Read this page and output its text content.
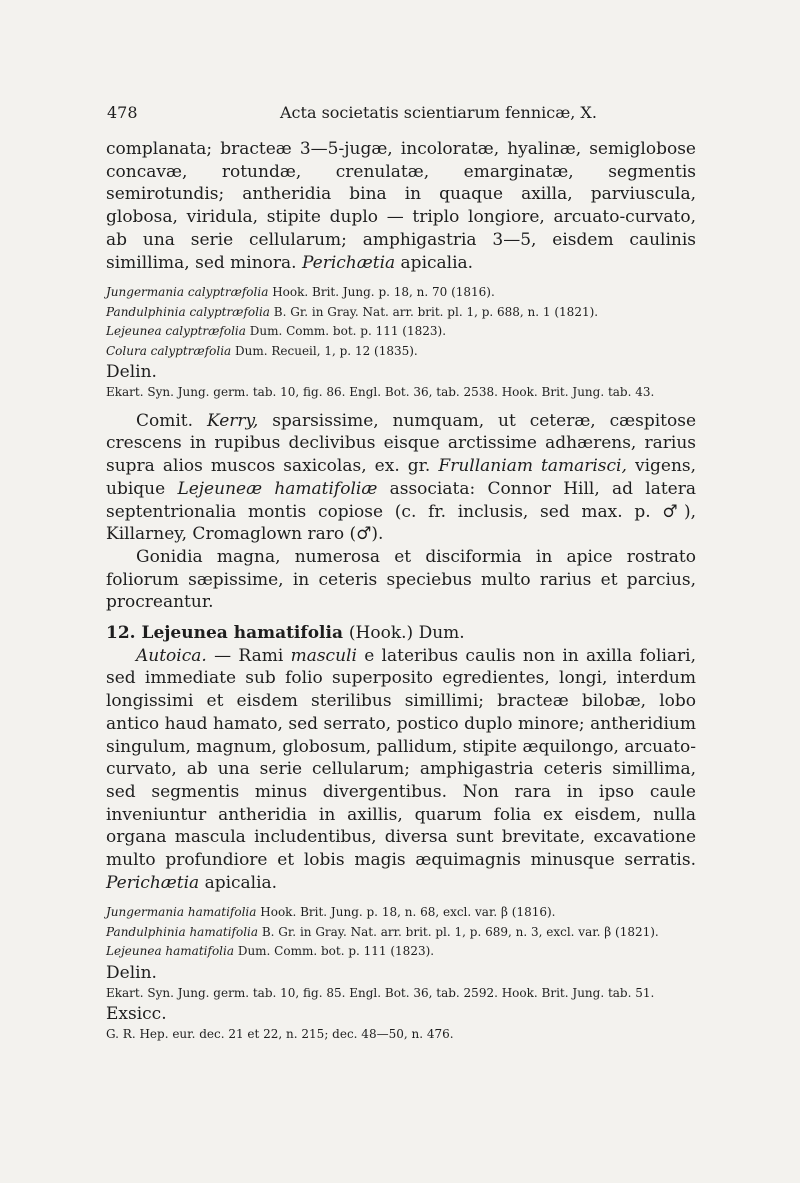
478	Acta societatis scientiarum fennicæ, X.

complanata; bracteæ 3—5-jugæ, incoloratæ, hyalinæ, semiglobose concavæ, rotundæ, crenulatæ, emarginatæ, segmentis semirotundis; antheridia bina in quaque axilla, parviuscula, globosa, viridula, stipite duplo — triplo longiore, arcuato-curvato, ab una serie cellularum; amphigastria 3—5, eisdem caulinis simillima, sed minora. Perichætia apicalia.

Jungermania calyptræfolia Hook. Brit. Jung. p. 18, n. 70 (1816).

Pandulphinia calyptræfolia B. Gr. in Gray. Nat. arr. brit. pl. 1, p. 688, n. 1 (1821).

Lejeunea calyptræfolia Dum. Comm. bot. p. 111 (1823).

Colura calyptræfolia Dum. Recueil, 1, p. 12 (1835).

Delin.

Ekart. Syn. Jung. germ. tab. 10, fig. 86. Engl. Bot. 36, tab. 2538. Hook. Brit. Jung. tab. 43.

Comit. Kerry, sparsissime, numquam, ut ceteræ, cæspitose crescens in rupibus declivibus eisque arctissime adhærens, rarius supra alios muscos saxicolas, ex. gr. Frullaniam tamarisci, vigens, ubique Lejeuneæ hamatifoliæ associata: Connor Hill, ad latera septentrionalia montis copiose (c. fr. inclusis, sed max. p. ♂), Killarney, Cromaglown raro (♂).

Gonidia magna, numerosa et disciformia in apice rostrato foliorum sæpissime, in ceteris speciebus multo rarius et parcius, procreantur.

12. Lejeunea hamatifolia (Hook.) Dum.

Autoica. — Rami masculi e lateribus caulis non in axilla foliari, sed immediate sub folio superposito egredientes, longi, interdum longissimi et eisdem sterilibus simillimi; bracteæ bilobæ, lobo antico haud hamato, sed serrato, postico duplo minore; antheridium singulum, magnum, globosum, pallidum, stipite æquilongo, arcuato-curvato, ab una serie cellularum; amphigastria ceteris simillima, sed segmentis minus divergentibus. Non rara in ipso caule inveniuntur antheridia in axillis, quarum folia ex eisdem, nulla organa mascula includentibus, diversa sunt brevitate, excavatione multo profundiore et lobis magis æquimagnis minusque serratis. Perichætia apicalia.

Jungermania hamatifolia Hook. Brit. Jung. p. 18, n. 68, excl. var. β (1816).

Pandulphinia hamatifolia B. Gr. in Gray. Nat. arr. brit. pl. 1, p. 689, n. 3, excl. var. β (1821).

Lejeunea hamatifolia Dum. Comm. bot. p. 111 (1823).

Delin.

Ekart. Syn. Jung. germ. tab. 10, fig. 85. Engl. Bot. 36, tab. 2592. Hook. Brit. Jung. tab. 51.

Exsicc.

G. R. Hep. eur. dec. 21 et 22, n. 215; dec. 48—50, n. 476.
